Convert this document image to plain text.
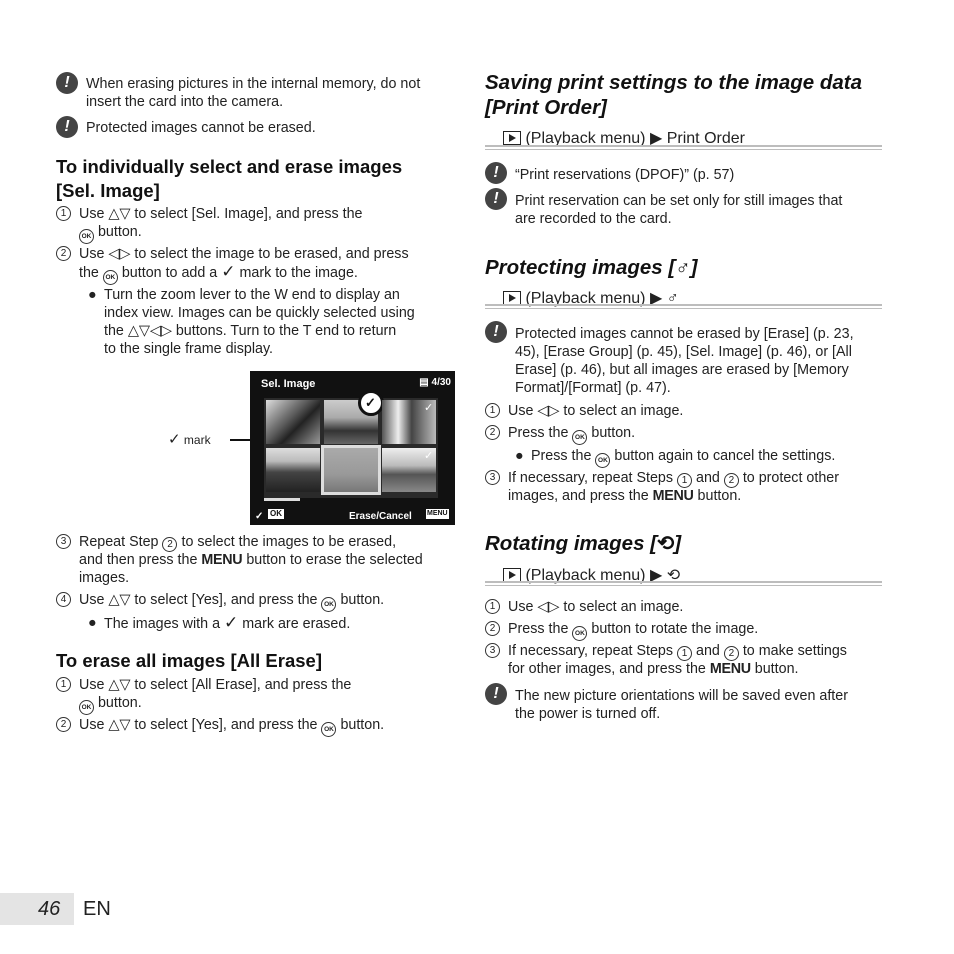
!	When erasing pictures in the internal memory, do not
insert the card into the camera.
!	Protected images cannot be erased.
To individually select and erase images
[Sel. Image]
1 Use △▽ to select [Sel. Image], and press the
OK button.
2 Use ◁▷ to select the image to be erased, and press
the OK button to add a ✓ mark to the image.
● Turn the zoom lever to the W end to display an
index view. Images can be quickly selected using
the △▽◁▷ buttons. Turn to the T end to return
to the single frame display.
✓ mark
Sel. Image	▤ 4/30
✓	✓
✓
✓ OK	Erase/Cancel MENU
3 Repeat Step 2 to select the images to be erased,
and then press the MENU button to erase the selected
images.
4 Use △▽ to select [Yes], and press the OK button.
● The images with a ✓ mark are erased.
To erase all images [All Erase]
1 Use △▽ to select [All Erase], and press the
OK button.
2 Use △▽ to select [Yes], and press the OK button.
Saving print settings to the image data
[Print Order]
(Playback menu) ▶ Print Order
!	“Print reservations (DPOF)” (p. 57)
!	Print reservation can be set only for still images that
are recorded to the card.
Protecting images [♂]
(Playback menu) ▶ ♂
!	Protected images cannot be erased by [Erase] (p. 23,
45), [Erase Group] (p. 45), [Sel. Image] (p. 46), or [All
Erase] (p. 46), but all images are erased by [Memory
Format]/[Format] (p. 47).
1 Use ◁▷ to select an image.
2 Press the OK button.
● Press the OK button again to cancel the settings.
3 If necessary, repeat Steps 1 and 2 to protect other
images, and press the MENU button.
Rotating images [⟲]
(Playback menu) ▶ ⟲
1 Use ◁▷ to select an image.
2 Press the OK button to rotate the image.
3 If necessary, repeat Steps 1 and 2 to make settings
for other images, and press the MENU button.
!	The new picture orientations will be saved even after
the power is turned off.
46 EN
